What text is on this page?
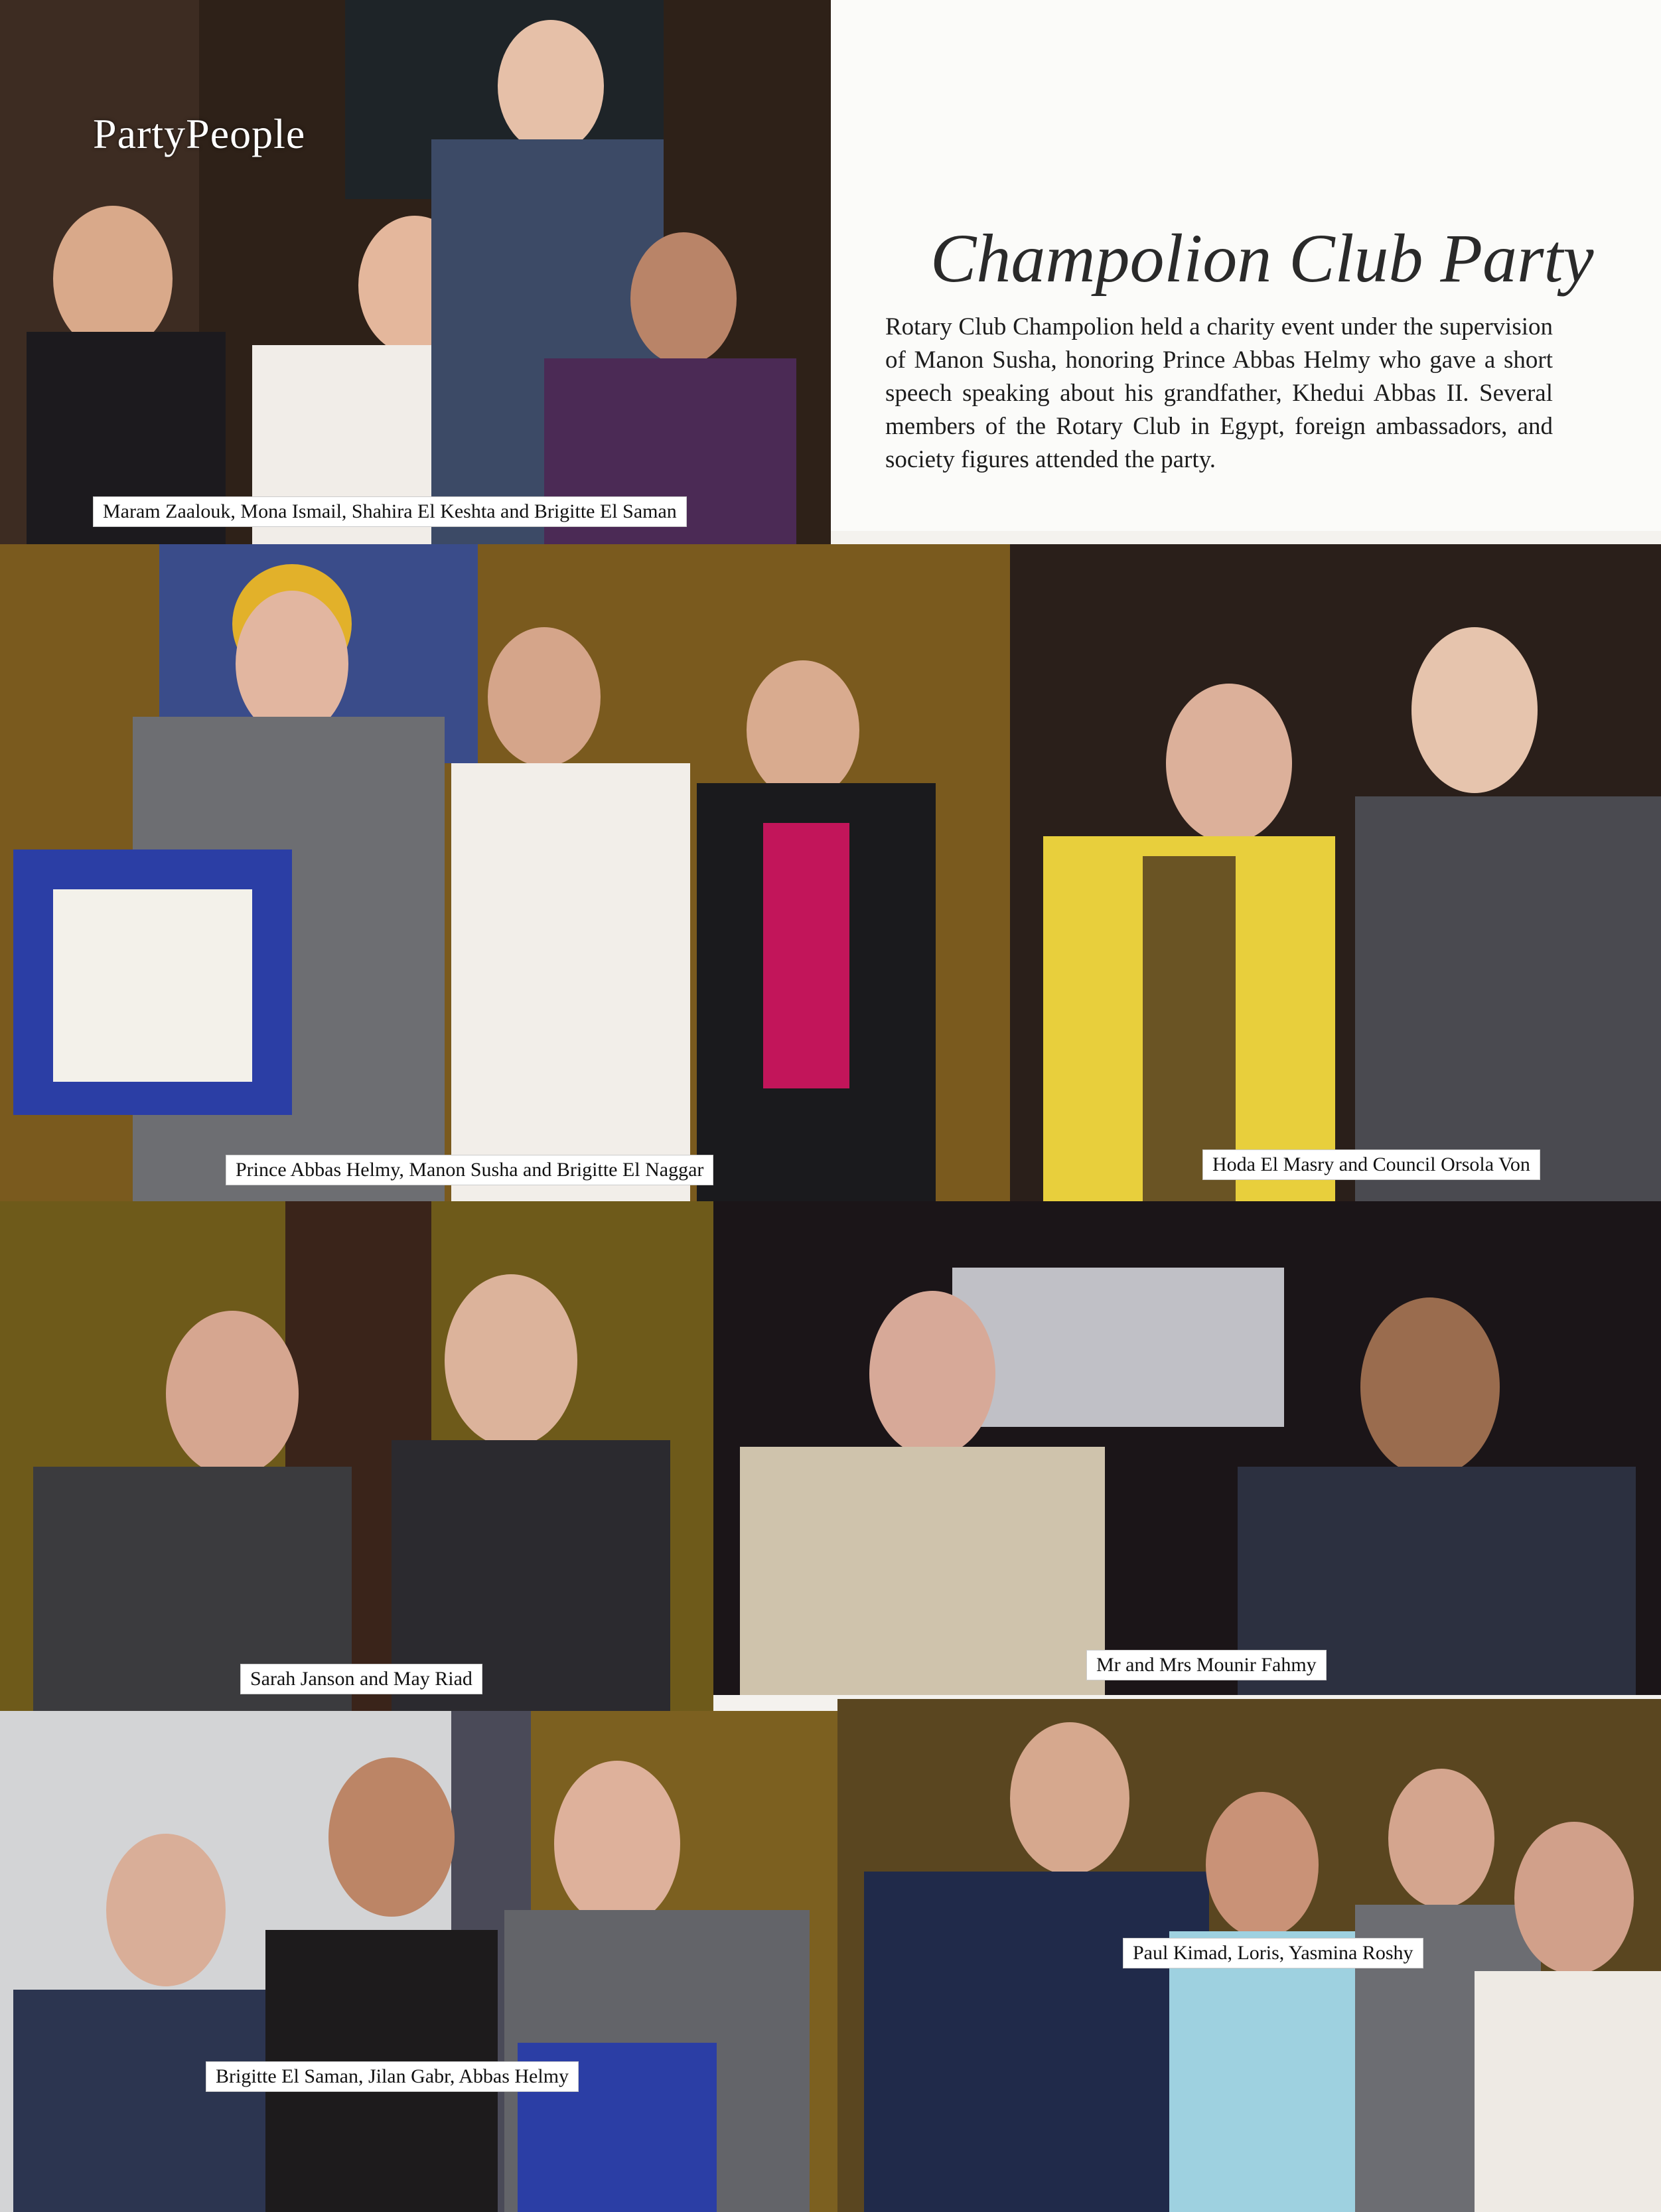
PartyPeople
Maram Zaalouk, Mona Ismail, Shahira El Keshta and Brigitte El Saman
Champolion Club Party
Rotary Club Champolion held a charity event under the supervision of Manon Susha, honoring Prince Abbas Helmy who gave a short speech speaking about his grandfather, Khedui Abbas II. Several members of the Rotary Club in Egypt, foreign ambassadors, and society figures attended the party.
Prince Abbas Helmy, Manon Susha and Brigitte El Naggar	Hoda El Masry and Council Orsola Von
Sarah Janson and May Riad
Mr and Mrs Mounir Fahmy
Brigitte El Saman, Jilan Gabr, Abbas Helmy
Paul Kimad, Loris, Yasmina Roshy
